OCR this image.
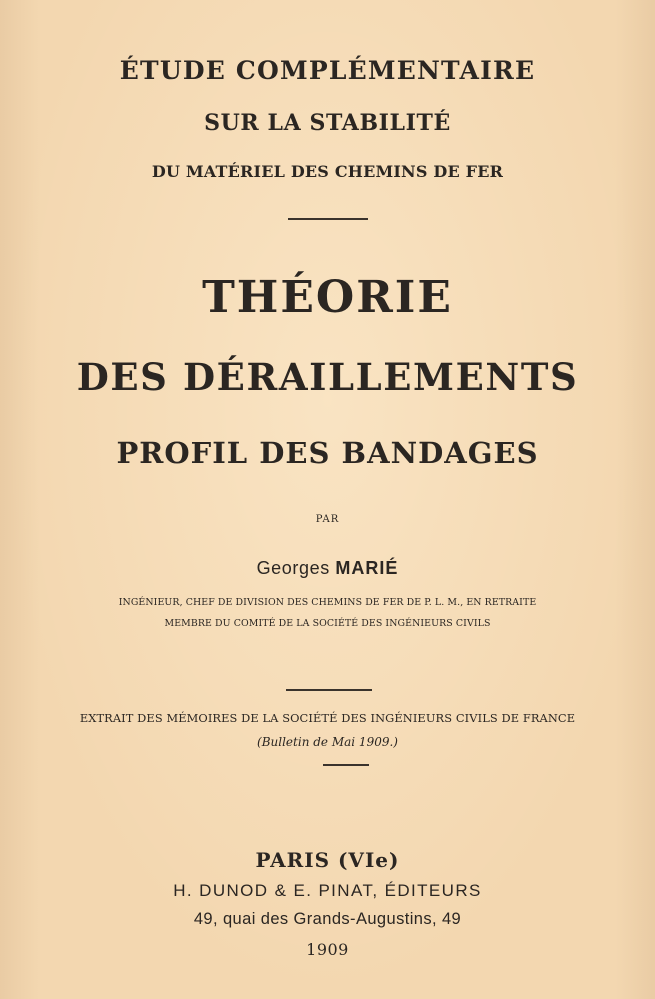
ÉTUDE COMPLÉMENTAIRE

SUR LA STABILITÉ

DU MATÉRIEL DES CHEMINS DE FER

THÉORIE

DES DÉRAILLEMENTS

PROFIL DES BANDAGES

PAR

Georges MARIÉ

INGÉNIEUR, CHEF DE DIVISION DES CHEMINS DE FER DE P. L. M., EN RETRAITE

MEMBRE DU COMITÉ DE LA SOCIÉTÉ DES INGÉNIEURS CIVILS

EXTRAIT DES MÉMOIRES DE LA SOCIÉTÉ DES INGÉNIEURS CIVILS DE FRANCE

(Bulletin de Mai 1909.)

PARIS (VIe)

H. DUNOD & E. PINAT, ÉDITEURS

49, quai des Grands-Augustins, 49

1909
